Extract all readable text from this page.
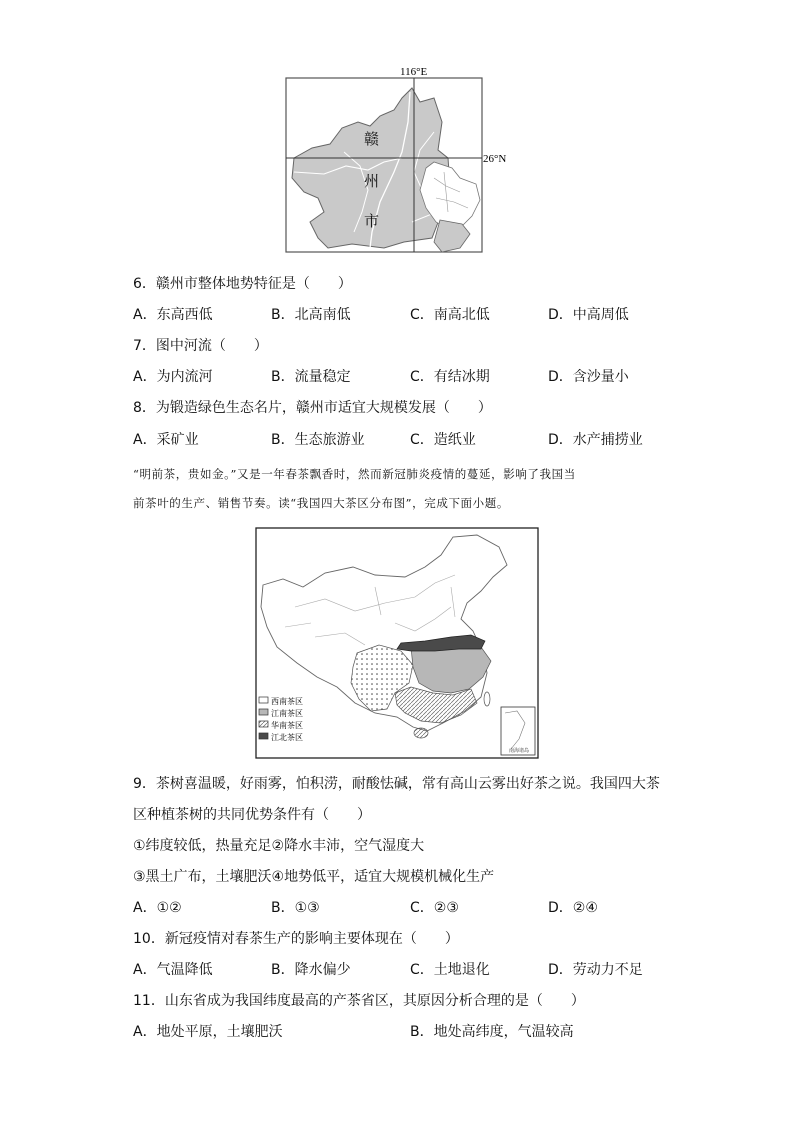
116°E
26°N
赣
州
市
6．赣州市整体地势特征是（　　）
A．东高西低	B．北高南低	C．南高北低	D．中高周低
7．图中河流（　　）
A．为内流河	B．流量稳定	C．有结冰期	D．含沙量小
8．为锻造绿色生态名片，赣州市适宜大规模发展（　　）
A．采矿业	B．生态旅游业	C．造纸业	D．水产捕捞业
“明前茶，贵如金。”又是一年春茶飘香时，然而新冠肺炎疫情的蔓延，影响了我国当
前茶叶的生产、销售节奏。读“我国四大茶区分布图”，完成下面小题。
南海诸岛
西南茶区
江南茶区
华南茶区
江北茶区
9．茶树喜温暖，好雨雾，怕积涝，耐酸怯碱，常有高山云雾出好茶之说。我国四大茶
区种植茶树的共同优势条件有（　　）
①纬度较低，热量充足②降水丰沛，空气湿度大
③黑土广布，土壤肥沃④地势低平，适宜大规模机械化生产
A．①②	B．①③	C．②③	D．②④
10．新冠疫情对春茶生产的影响主要体现在（　　）
A．气温降低	B．降水偏少	C．土地退化	D．劳动力不足
11．山东省成为我国纬度最高的产茶省区，其原因分析合理的是（　　）
A．地处平原，土壤肥沃	B．地处高纬度，气温较高
